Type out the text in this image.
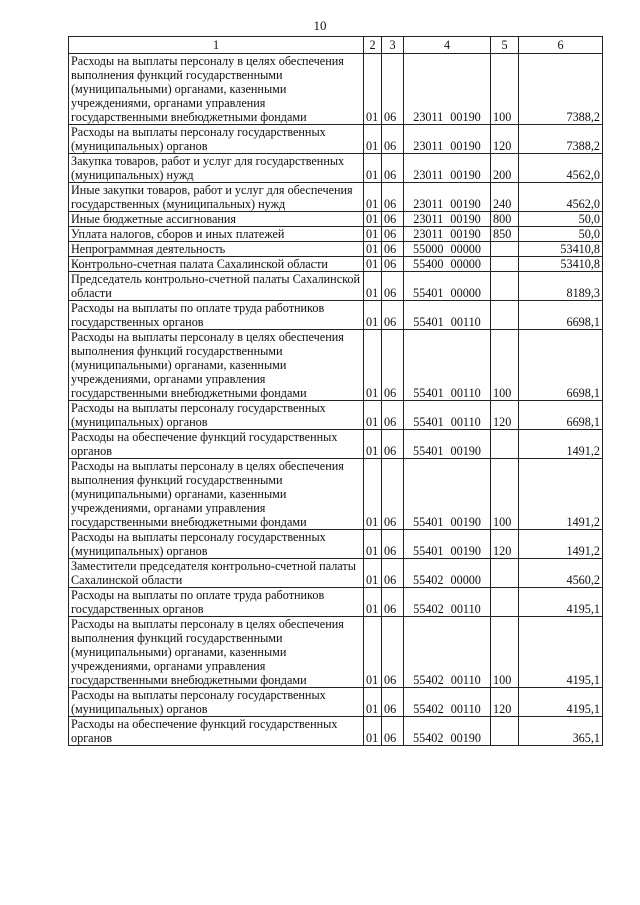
10
1	2	3	4	5	6
Расходы на выплаты персоналу в целях обеспечения выполнения функций государственными (муниципальными) органами, казенными учреждениями, органами управления государственными внебюджетными фондами	01	06	23011 00190	100	7388,2
Расходы на выплаты персоналу государственных (муниципальных) органов	01	06	23011 00190	120	7388,2
Закупка товаров, работ и услуг для государственных (муниципальных) нужд	01	06	23011 00190	200	4562,0
Иные закупки товаров, работ и услуг для обеспечения государственных (муниципальных) нужд	01	06	23011 00190	240	4562,0
Иные бюджетные ассигнования	01	06	23011 00190	800	50,0
Уплата налогов, сборов и иных платежей	01	06	23011 00190	850	50,0
Непрограммная деятельность	01	06	55000 00000		53410,8
Контрольно-счетная палата Сахалинской области	01	06	55400 00000		53410,8
Председатель контрольно-счетной палаты Сахалинской области	01	06	55401 00000		8189,3
Расходы на выплаты по оплате труда работников государственных органов	01	06	55401 00110		6698,1
Расходы на выплаты персоналу в целях обеспечения выполнения функций государственными (муниципальными) органами, казенными учреждениями, органами управления государственными внебюджетными фондами	01	06	55401 00110	100	6698,1
Расходы на выплаты персоналу государственных (муниципальных) органов	01	06	55401 00110	120	6698,1
Расходы на обеспечение функций государственных органов	01	06	55401 00190		1491,2
Расходы на выплаты персоналу в целях обеспечения выполнения функций государственными (муниципальными) органами, казенными учреждениями, органами управления государственными внебюджетными фондами	01	06	55401 00190	100	1491,2
Расходы на выплаты персоналу государственных (муниципальных) органов	01	06	55401 00190	120	1491,2
Заместители председателя контрольно-счетной палаты Сахалинской области	01	06	55402 00000		4560,2
Расходы на выплаты по оплате труда работников государственных органов	01	06	55402 00110		4195,1
Расходы на выплаты персоналу в целях обеспечения выполнения функций государственными (муниципальными) органами, казенными учреждениями, органами управления государственными внебюджетными фондами	01	06	55402 00110	100	4195,1
Расходы на выплаты персоналу государственных (муниципальных) органов	01	06	55402 00110	120	4195,1
Расходы на обеспечение функций государственных органов	01	06	55402 00190		365,1
